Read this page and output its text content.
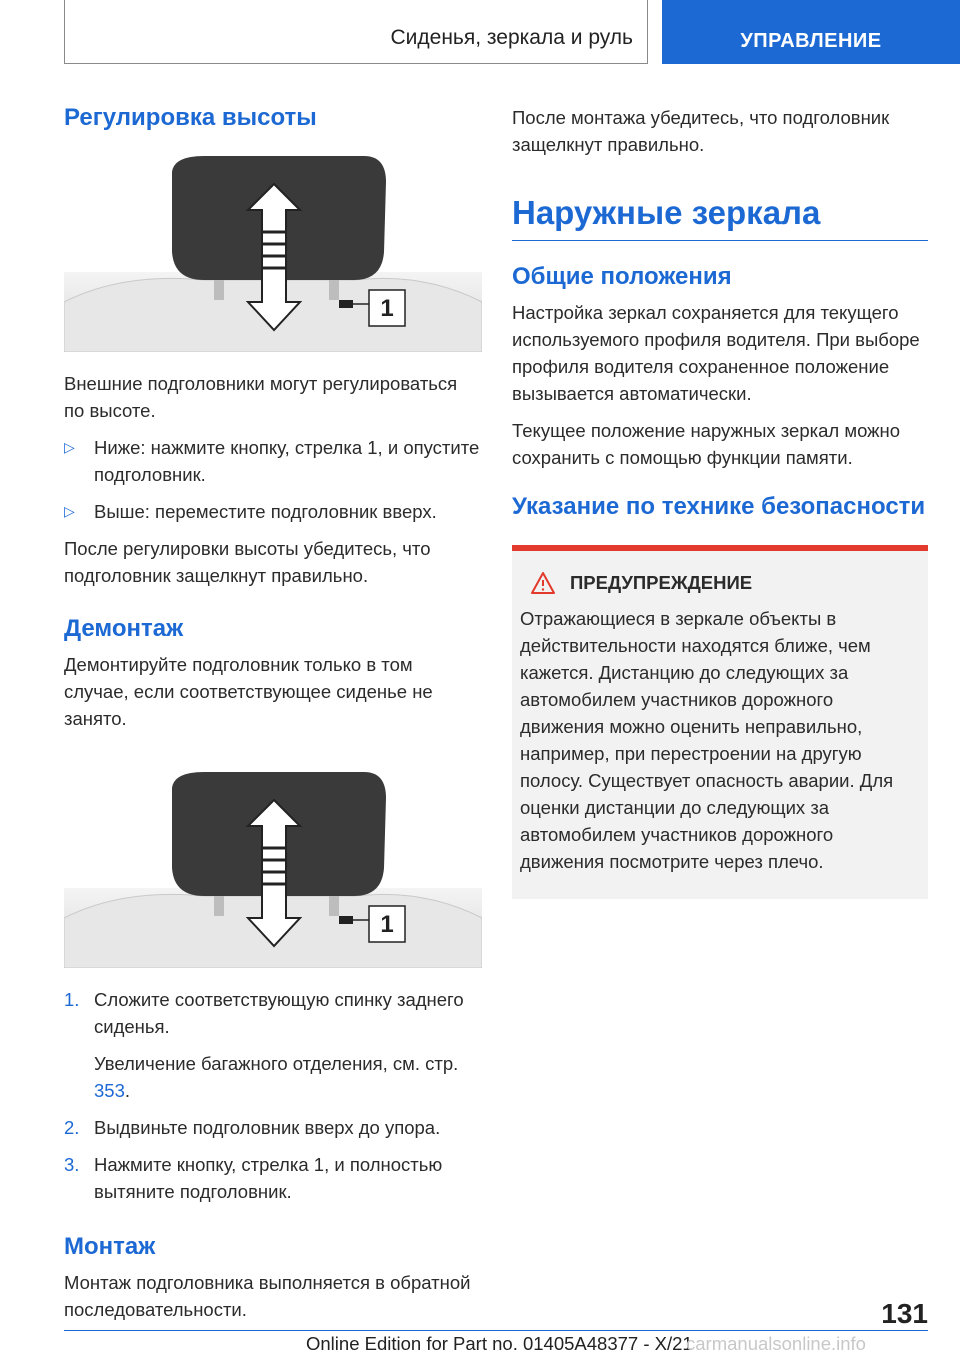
Сиденья, зеркала и руль	УПРАВЛЕНИЕ
Регулировка высоты
1

Внешние подголовники могут регулироваться по высоте.

▷	Ниже: нажмите кнопку, стрелка 1, и опустите подголовник.
▷	Выше: переместите подголовник вверх.

После регулировки высоты убедитесь, что подголовник защелкнут правильно.

Демонтаж

Демонтируйте подголовник только в том случае, если соответствующее сиденье не занято.

1
1. Сложите соответствующую спинку заднего сиденья.

Увеличение багажного отделения, см. стр. 353.

2. Выдвиньте подголовник вверх до упора.
3. Нажмите кнопку, стрелка 1, и полностью вытяните подголовник.
Монтаж

Монтаж подголовника выполняется в обратной последовательности.

После монтажа убедитесь, что подголовник защелкнут правильно.

Наружные зеркала
Общие положения

Настройка зеркал сохраняется для текущего используемого профиля водителя. При выборе профиля водителя сохраненное положение вызывается автоматически.

Текущее положение наружных зеркал можно сохранить с помощью функции памяти.

Указание по технике безопасности
ПРЕДУПРЕЖДЕНИЕ

Отражающиеся в зеркале объекты в действительности находятся ближе, чем кажется. Дистанцию до следующих за автомобилем участников дорожного движения можно оценить неправильно, например, при перестроении на другую полосу. Существует опасность аварии. Для оценки дистанции до следующих за автомобилем участников дорожного движения посмотрите через плечо.

131
Online Edition for Part no. 01405A48377 - X/21
carmanualsonline.info
